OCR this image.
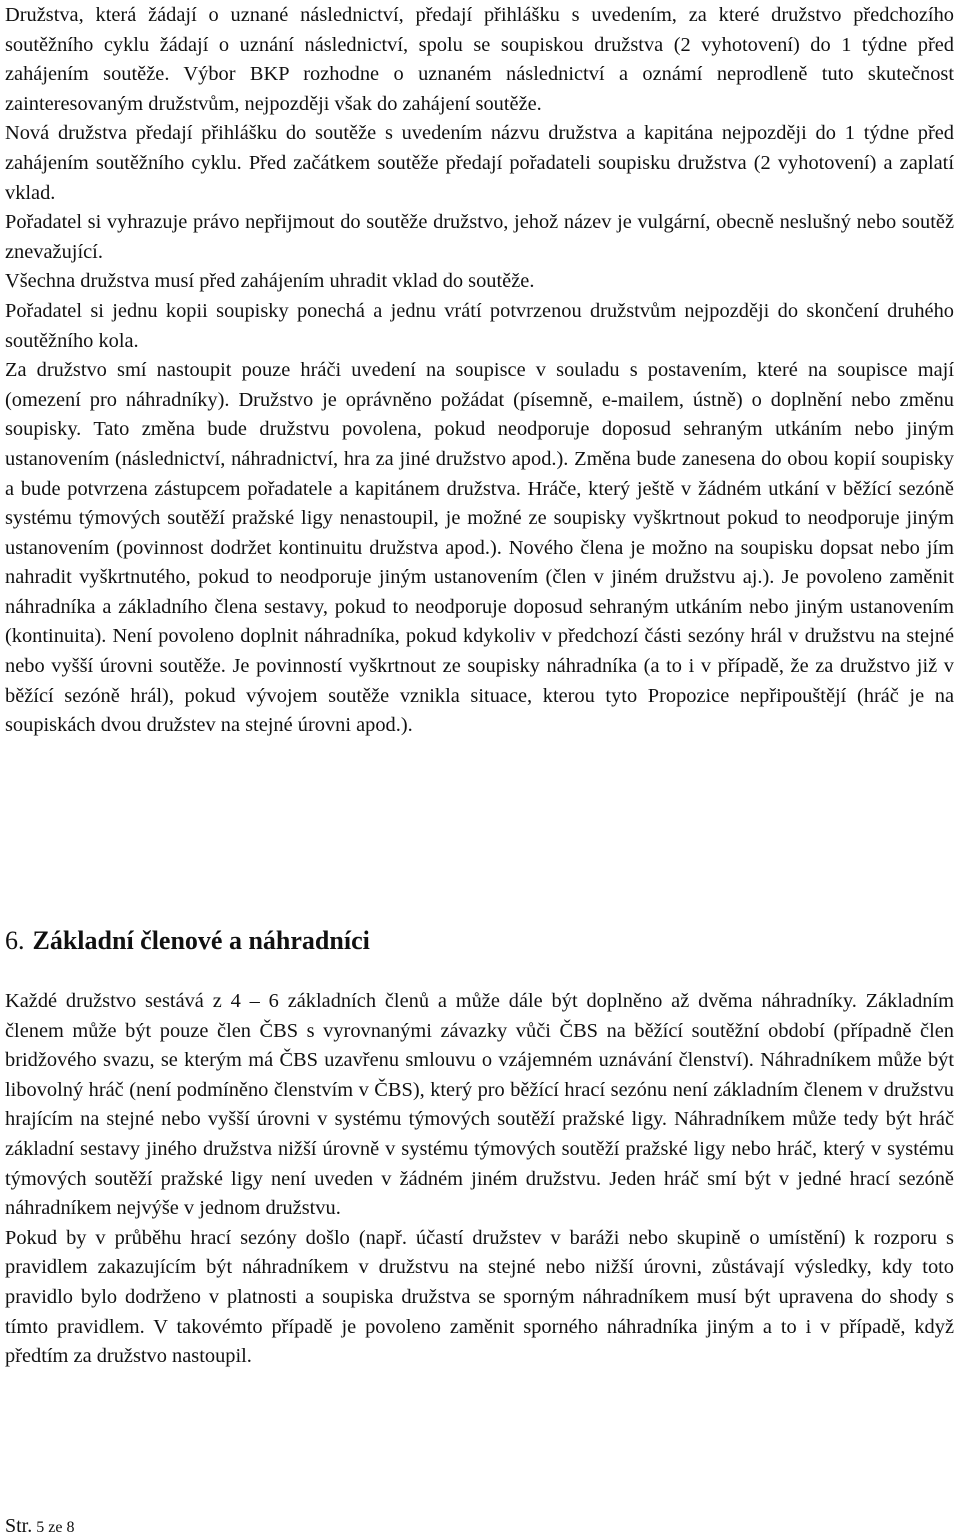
Družstva, která žádají o uznané následnictví, předají přihlášku s uvedením, za které družstvo předchozího soutěžního cyklu žádají o uznání následnictví, spolu se soupiskou družstva (2 vyhotovení) do 1 týdne před zahájením soutěže. Výbor BKP rozhodne o uznaném následnictví a oznámí neprodleně tuto skutečnost zainteresovaným družstvům, nejpozději však do zahájení soutěže.

Nová družstva předají přihlášku do soutěže s uvedením názvu družstva a kapitána nejpozději do 1 týdne před zahájením soutěžního cyklu. Před začátkem soutěže předají pořadateli soupisku družstva (2 vyhotovení) a zaplatí vklad.

Pořadatel si vyhrazuje právo nepřijmout do soutěže družstvo, jehož název je vulgární, obecně neslušný nebo soutěž znevažující.

Všechna družstva musí před zahájením uhradit vklad do soutěže.

Pořadatel si jednu kopii soupisky ponechá a jednu vrátí potvrzenou družstvům nejpozději do skončení druhého soutěžního kola.

Za družstvo smí nastoupit pouze hráči uvedení na soupisce v souladu s postavením, které na soupisce mají (omezení pro náhradníky). Družstvo je oprávněno požádat (písemně, e-mailem, ústně) o doplnění nebo změnu soupisky. Tato změna bude družstvu povolena, pokud neodporuje doposud sehraným utkáním nebo jiným ustanovením (následnictví, náhradnictví, hra za jiné družstvo apod.). Změna bude zanesena do obou kopií soupisky a bude potvrzena zástupcem pořadatele a kapitánem družstva. Hráče, který ještě v žádném utkání v běžící sezóně systému týmových soutěží pražské ligy nenastoupil, je možné ze soupisky vyškrtnout pokud to neodporuje jiným ustanovením (povinnost dodržet kontinuitu družstva apod.). Nového člena je možno na soupisku dopsat nebo jím nahradit vyškrtnutého, pokud to neodporuje jiným ustanovením (člen v jiném družstvu aj.). Je povoleno zaměnit náhradníka a základního člena sestavy, pokud to neodporuje doposud sehraným utkáním nebo jiným ustanovením (kontinuita). Není povoleno doplnit náhradníka, pokud kdykoliv v předchozí části sezóny hrál v družstvu na stejné nebo vyšší úrovni soutěže. Je povinností vyškrtnout ze soupisky náhradníka (a to i v případě, že za družstvo již v běžící sezóně hrál), pokud vývojem soutěže vznikla situace, kterou tyto Propozice nepřipouštějí (hráč je na soupiskách dvou družstev na stejné úrovni apod.).

6. Základní členové a náhradníci

Každé družstvo sestává z 4 – 6 základních členů a může dále být doplněno až dvěma náhradníky. Základním členem může být pouze člen ČBS s vyrovnanými závazky vůči ČBS na běžící soutěžní období (případně člen bridžového svazu, se kterým má ČBS uzavřenu smlouvu o vzájemném uznávání členství). Náhradníkem může být libovolný hráč (není podmíněno členstvím v ČBS), který pro běžící hrací sezónu není základním členem v družstvu hrajícím na stejné nebo vyšší úrovni v systému týmových soutěží pražské ligy. Náhradníkem může tedy být hráč základní sestavy jiného družstva nižší úrovně v systému týmových soutěží pražské ligy nebo hráč, který v systému týmových soutěží pražské ligy není uveden v žádném jiném družstvu. Jeden hráč smí být v jedné hrací sezóně náhradníkem nejvýše v jednom družstvu.

Pokud by v průběhu hrací sezóny došlo (např. účastí družstev v baráži nebo skupině o umístění) k rozporu s pravidlem zakazujícím být náhradníkem v družstvu na stejné nebo nižší úrovni, zůstávají výsledky, kdy toto pravidlo bylo dodrženo v platnosti a soupiska družstva se sporným náhradníkem musí být upravena do shody s tímto pravidlem. V takovémto případě je povoleno zaměnit sporného náhradníka jiným a to i v případě, když předtím za družstvo nastoupil.

Str. 5 ze 8
